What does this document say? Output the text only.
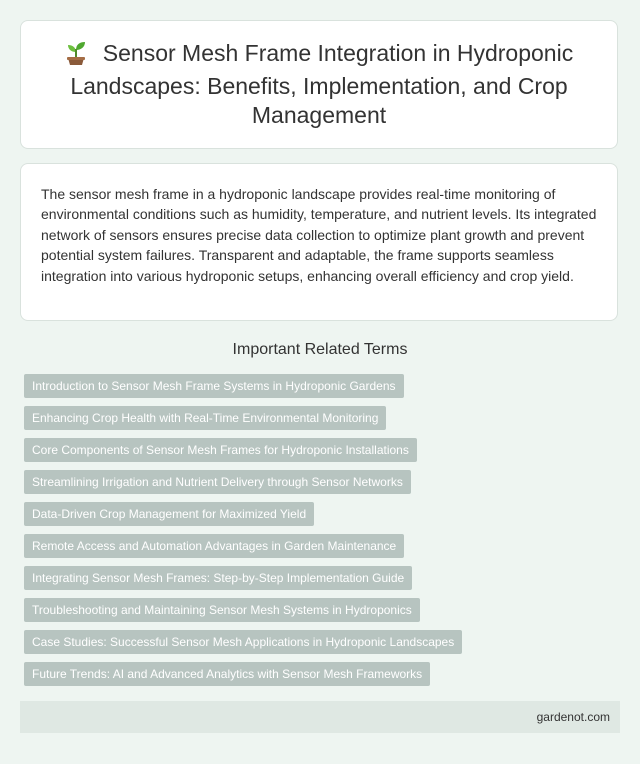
Sensor Mesh Frame Integration in Hydroponic Landscapes: Benefits, Implementation, and Crop Management

The sensor mesh frame in a hydroponic landscape provides real-time monitoring of environmental conditions such as humidity, temperature, and nutrient levels. Its integrated network of sensors ensures precise data collection to optimize plant growth and prevent potential system failures. Transparent and adaptable, the frame supports seamless integration into various hydroponic setups, enhancing overall efficiency and crop yield.

Important Related Terms
Introduction to Sensor Mesh Frame Systems in Hydroponic Gardens
Enhancing Crop Health with Real-Time Environmental Monitoring
Core Components of Sensor Mesh Frames for Hydroponic Installations
Streamlining Irrigation and Nutrient Delivery through Sensor Networks
Data-Driven Crop Management for Maximized Yield
Remote Access and Automation Advantages in Garden Maintenance
Integrating Sensor Mesh Frames: Step-by-Step Implementation Guide
Troubleshooting and Maintaining Sensor Mesh Systems in Hydroponics
Case Studies: Successful Sensor Mesh Applications in Hydroponic Landscapes
Future Trends: AI and Advanced Analytics with Sensor Mesh Frameworks
gardenot.com
